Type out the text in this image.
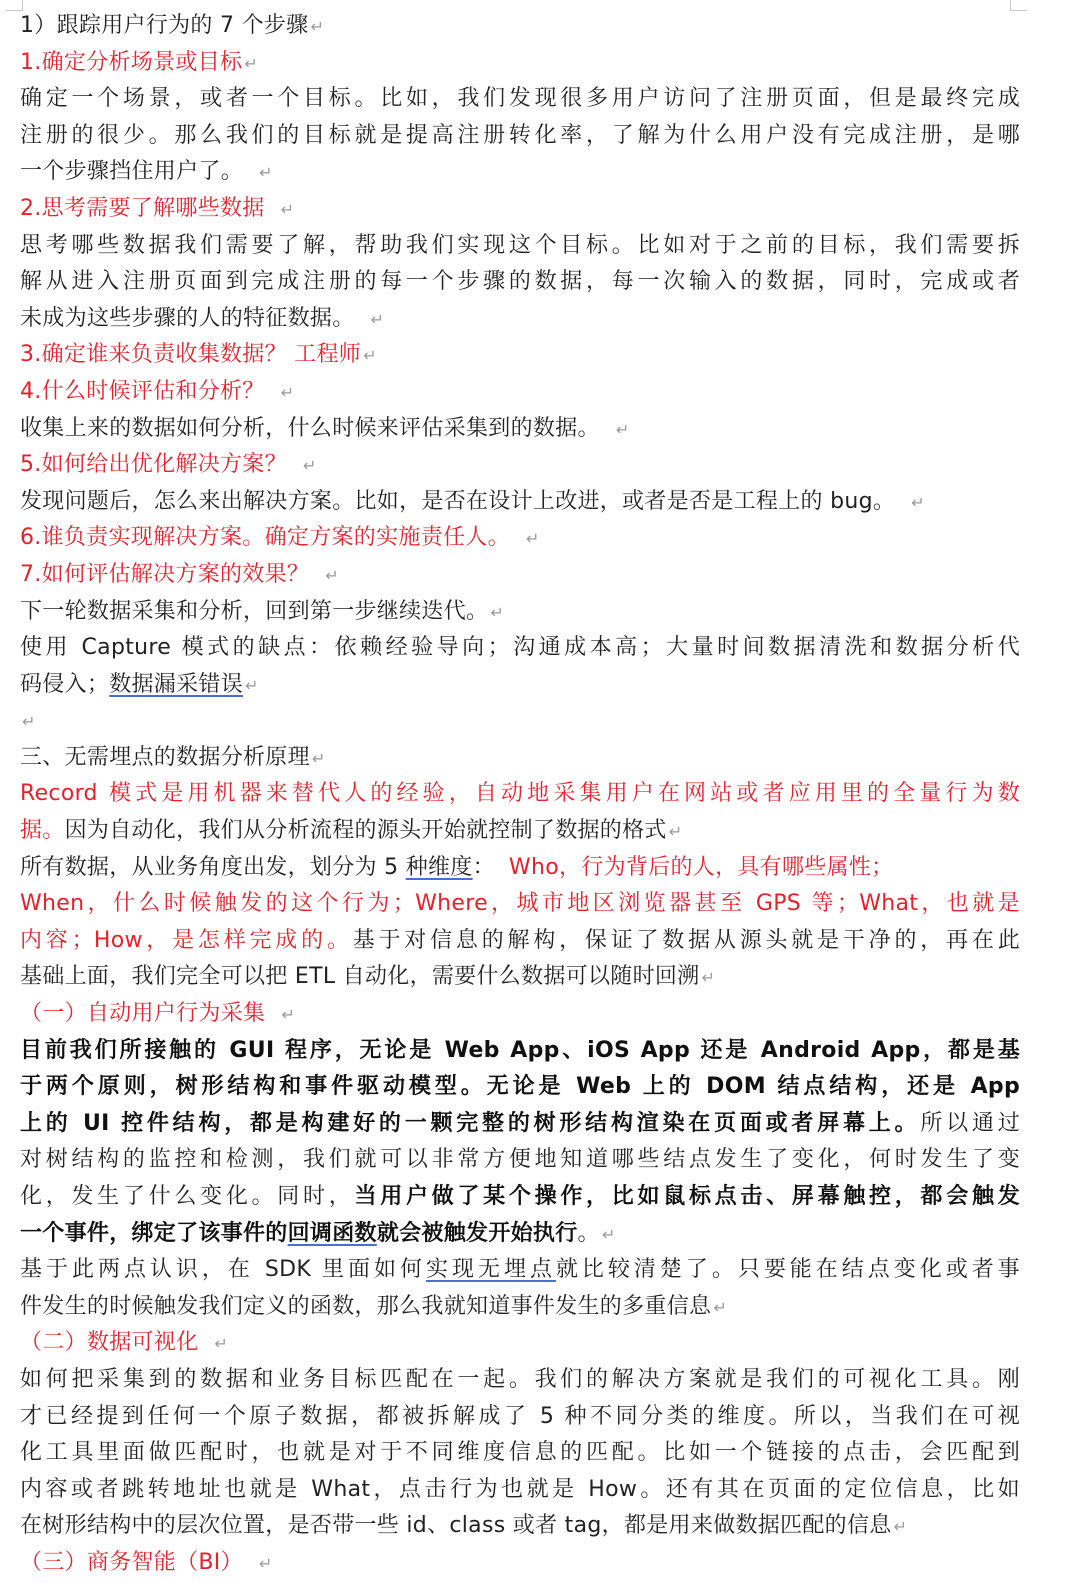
1）跟踪用户行为的 7 个步骤 ↵
1.确定分析场景或目标 ↵
确定一个场景，或者一个目标。比如，我们发现很多用户访问了注册页面，但是最终完成
注册的很少。那么我们的目标就是提高注册转化率，了解为什么用户没有完成注册，是哪
一个步骤挡住用户了。 ↵
2.思考需要了解哪些数据 ↵
思考哪些数据我们需要了解，帮助我们实现这个目标。比如对于之前的目标，我们需要拆
解从进入注册页面到完成注册的每一个步骤的数据，每一次输入的数据，同时，完成或者
未成为这些步骤的人的特征数据。 ↵
3.确定谁来负责收集数据？ 工程师 ↵
4.什么时候评估和分析？ ↵
收集上来的数据如何分析，什么时候来评估采集到的数据。 ↵
5.如何给出优化解决方案？ ↵
发现问题后，怎么来出解决方案。比如，是否在设计上改进，或者是否是工程上的 bug。 ↵
6.谁负责实现解决方案。确定方案的实施责任人。 ↵
7.如何评估解决方案的效果？ ↵
下一轮数据采集和分析，回到第一步继续迭代。 ↵
使用 Capture 模式的缺点：依赖经验导向；沟通成本高；大量时间数据清洗和数据分析代
码侵入；数据漏采错误 ↵
↵
三、无需埋点的数据分析原理 ↵
Record 模式是用机器来替代人的经验，自动地采集用户在网站或者应用里的全量行为数
据。因为自动化，我们从分析流程的源头开始就控制了数据的格式 ↵
所有数据，从业务角度出发，划分为 5 种维度： Who，行为背后的人，具有哪些属性；
When，什么时候触发的这个行为；Where，城市地区浏览器甚至 GPS 等；What，也就是
内容；How，是怎样完成的。基于对信息的解构，保证了数据从源头就是干净的，再在此
基础上面，我们完全可以把 ETL 自动化，需要什么数据可以随时回溯 ↵
（一）自动用户行为采集 ↵
目前我们所接触的 GUI 程序，无论是 Web App、iOS App 还是 Android App，都是基
于两个原则，树形结构和事件驱动模型。无论是 Web 上的 DOM 结点结构，还是 App
上的 UI 控件结构，都是构建好的一颗完整的树形结构渲染在页面或者屏幕上。所以通过
对树结构的监控和检测，我们就可以非常方便地知道哪些结点发生了变化，何时发生了变
化，发生了什么变化。同时，当用户做了某个操作，比如鼠标点击、屏幕触控，都会触发
一个事件，绑定了该事件的回调函数就会被触发开始执行。 ↵
基于此两点认识，在 SDK 里面如何实现无埋点就比较清楚了。只要能在结点变化或者事
件发生的时候触发我们定义的函数，那么我就知道事件发生的多重信息 ↵
（二）数据可视化 ↵
如何把采集到的数据和业务目标匹配在一起。我们的解决方案就是我们的可视化工具。刚
才已经提到任何一个原子数据，都被拆解成了 5 种不同分类的维度。所以，当我们在可视
化工具里面做匹配时，也就是对于不同维度信息的匹配。比如一个链接的点击，会匹配到
内容或者跳转地址也就是 What，点击行为也就是 How。还有其在页面的定位信息，比如
在树形结构中的层次位置，是否带一些 id、class 或者 tag，都是用来做数据匹配的信息 ↵
（三）商务智能（BI） ↵
